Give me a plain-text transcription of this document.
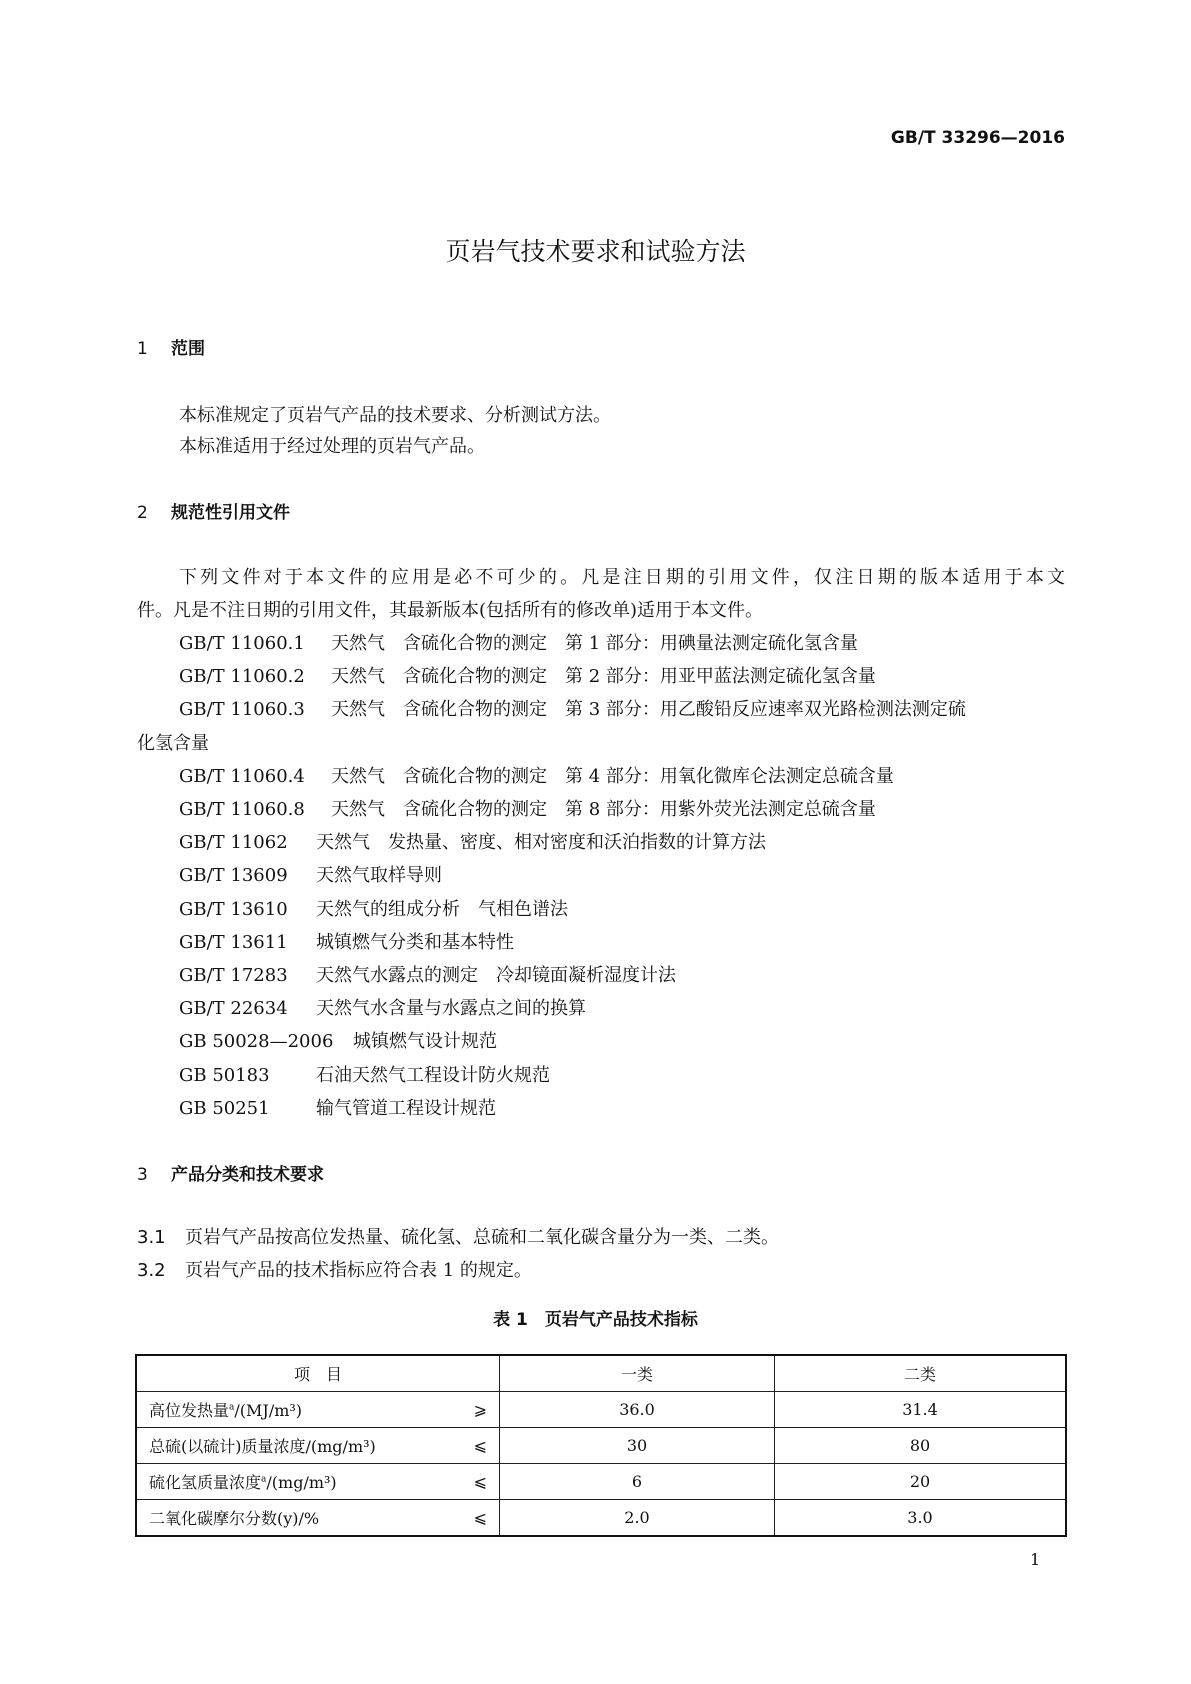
GB/T 33296—2016
页岩气技术要求和试验方法
1 范围
本标准规定了页岩气产品的技术要求、分析测试方法。
本标准适用于经过处理的页岩气产品。
2 规范性引用文件
下列文件对于本文件的应用是必不可少的。凡是注日期的引用文件，仅注日期的版本适用于本文
件。凡是不注日期的引用文件，其最新版本(包括所有的修改单)适用于本文件。
GB/T 11060.1 天然气　含硫化合物的测定　第 1 部分：用碘量法测定硫化氢含量
GB/T 11060.2 天然气　含硫化合物的测定　第 2 部分：用亚甲蓝法测定硫化氢含量
GB/T 11060.3 天然气　含硫化合物的测定　第 3 部分：用乙酸铅反应速率双光路检测法测定硫
化氢含量
GB/T 11060.4 天然气　含硫化合物的测定　第 4 部分：用氧化微库仑法测定总硫含量
GB/T 11060.8 天然气　含硫化合物的测定　第 8 部分：用紫外荧光法测定总硫含量
GB/T 11062 天然气　发热量、密度、相对密度和沃泊指数的计算方法
GB/T 13609 天然气取样导则
GB/T 13610 天然气的组成分析　气相色谱法
GB/T 13611 城镇燃气分类和基本特性
GB/T 17283 天然气水露点的测定　冷却镜面凝析湿度计法
GB/T 22634 天然气水含量与水露点之间的换算
GB 50028—2006 城镇燃气设计规范
GB 50183	石油天然气工程设计防火规范
GB 50251	输气管道工程设计规范
3 产品分类和技术要求
3.1 页岩气产品按高位发热量、硫化氢、总硫和二氧化碳含量分为一类、二类。
3.2 页岩气产品的技术指标应符合表 1 的规定。
表 1　页岩气产品技术指标
项　目	一类	二类
高位发热量$^a$/(MJ/m³) ⩾	36.0	31.4
总硫(以硫计)质量浓度/(mg/m³) ⩽	30	80
硫化氢质量浓度$^a$/(mg/m³) ⩽	6	20
二氧化碳摩尔分数(y)/% ⩽	2.0	3.0
1
